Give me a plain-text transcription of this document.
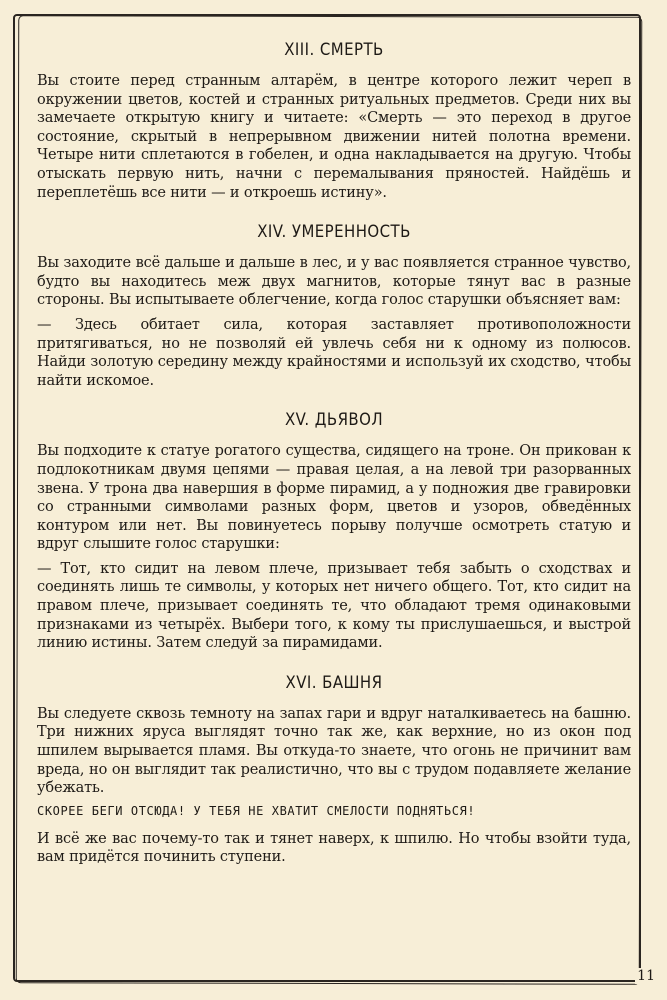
XIII. СМЕРТЬ

Вы стоите перед странным алтарём, в центре которого лежит череп в окружении цветов, костей и странных ритуальных предметов. Среди них вы замечаете открытую книгу и читаете: «Смерть — это переход в другое состояние, скрытый в непрерывном движении нитей полотна времени. Четыре нити сплетаются в гобелен, и одна накладывается на другую. Чтобы отыскать первую нить, начни с перемалывания пряностей. Найдёшь и переплетёшь все нити — и откроешь истину».

XIV. УМЕРЕННОСТЬ

Вы заходите всё дальше и дальше в лес, и у вас появляется странное чувство, будто вы находитесь меж двух магнитов, которые тянут вас в разные стороны. Вы испытываете облегчение, когда голос старушки объясняет вам:

— Здесь обитает сила, которая заставляет противоположности притягиваться, но не позволяй ей увлечь себя ни к одному из полюсов. Найди золотую середину между крайностями и используй их сходство, чтобы найти искомое.

XV. ДЬЯВОЛ

Вы подходите к статуе рогатого существа, сидящего на троне. Он прикован к подлокотникам двумя цепями — правая целая, а на левой три разорванных звена. У трона два навершия в форме пирамид, а у подножия две гравировки со странными символами разных форм, цветов и узоров, обведённых контуром или нет. Вы повинуетесь порыву получше осмотреть статую и вдруг слышите голос старушки:

— Тот, кто сидит на левом плече, призывает тебя забыть о сходствах и соединять лишь те символы, у которых нет ничего общего. Тот, кто сидит на правом плече, призывает соединять те, что обладают тремя одинаковыми признаками из четырёх. Выбери того, к кому ты прислушаешься, и выстрой линию истины. Затем следуй за пирамидами.

XVI. БАШНЯ

Вы следуете сквозь темноту на запах гари и вдруг наталкиваетесь на башню. Три нижних яруса выглядят точно так же, как верхние, но из окон под шпилем вырывается пламя. Вы откуда-то знаете, что огонь не причинит вам вреда, но он выглядит так реалистично, что вы с трудом подавляете желание убежать.

СКОРЕЕ БЕГИ ОТСЮДА! У ТЕБЯ НЕ ХВАТИТ СМЕЛОСТИ ПОДНЯТЬСЯ!

И всё же вас почему-то так и тянет наверх, к шпилю. Но чтобы взойти туда, вам придётся починить ступени.

11
